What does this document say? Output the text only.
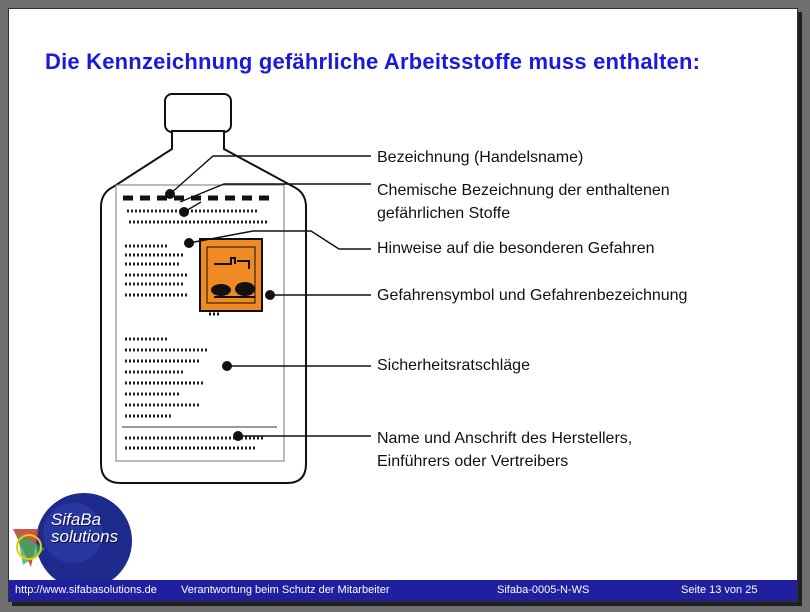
Die Kennzeichnung gefährliche Arbeitsstoffe muss enthalten:
Bezeichnung (Handelsname)
Chemische Bezeichnung der enthaltenen
gefährlichen Stoffe
Hinweise auf die besonderen Gefahren
Gefahrensymbol und Gefahrenbezeichnung
Sicherheitsratschläge
Name und Anschrift des Herstellers,
Einführers oder Vertreibers
SifaBa
solutions
http://www.sifabasolutions.de Verantwortung beim Schutz der Mitarbeiter	Sifaba-0005-N-WS	Seite 13 von 25
